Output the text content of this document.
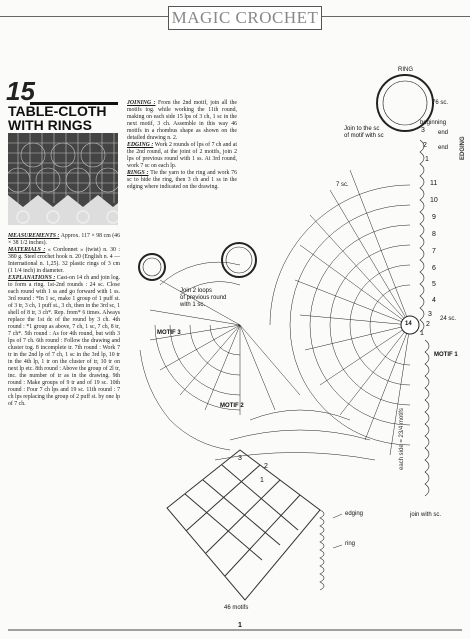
MAGIC CROCHET
15
TABLE-CLOTH
WITH RINGS
MEASUREMENTS : Approx. 117 × 98 cm (46 × 38 1/2 inches).
MATERIALS : « Cordonnet » (twist) n. 30 : 380 g. Steel crochet hook n. 20 (English n. 4 — International n. 1,25). 32 plastic rings of 3 cm (1 1/4 inch) in diameter.
EXPLANATIONS : Cast-on 14 ch and join log. to form a ring. 1st-2nd rounds : 24 sc. Close each round with 1 ss and go forward with 1 ss. 3rd round : *In 1 sc, make 1 group of 1 puff st. of 3 tr, 3 ch, 1 puff st., 3 ch, then in the 3rd sc, 1 shell of 8 tr, 3 ch*. Rep. from* 6 times. Always replace the 1st dc of the round by 3 ch. 4th round : *1 group as above, 7 ch, 1 sc, 7 ch, 8 tr, 7 ch*. 5th round : As for 4th round, but with 3 lps of 7 ch. 6th round : Follow the drawing and cluster tog. 8 incomplete tr. 7th round : Work 7 tr in the 2nd lp of 7 ch, 1 sc in the 3rd lp, 10 tr in the 4th lp, 1 tr on the cluster of tr, 10 tr on next lp etc. 8th round : Above the group of 2l tr, inc. the number of tr as in the drawing. 9th round : Make groups of 9 tr and of 19 sc. 10th round : Four 7 ch lps and 19 sc. 11th round : 7 ch lps replacing the group of 2 puff st. by one lp of 7 ch.
JOINING : From the 2nd motif, join all the motifs tog. while working the 11th round, making on each side 15 lps of 3 ch, 1 sc in the next motif, 3 ch. Assemble in this way 46 motifs in a rhombus shape as shown on the detailed drawing n. 2.
EDGING : Work 2 rounds of lps of 7 ch and at the 2nd round, at the joint of 2 motifs, join 2 lps of previous round with 1 ss. At 3rd round, work 7 sc on each lp.
RINGS : Tie the yarn to the ring and work 76 sc to hide the ring, then 3 ch and 1 ss in the edging where indicated on the drawing.
RING
76 sc.
Join to the sc
of motif with sc
beginning
end
end EDGING
3
2
1
11
10
9
8
7
6
5
4
3
2
1
7 sc.
24 sc.
14
Join 2 loops
of previous round
with 1 sc.
MOTIF 3
MOTIF 1
MOTIF 2
each side = 23/4 motifs
join with sc.
edging
ring
3
2
1
46 motifs
1
